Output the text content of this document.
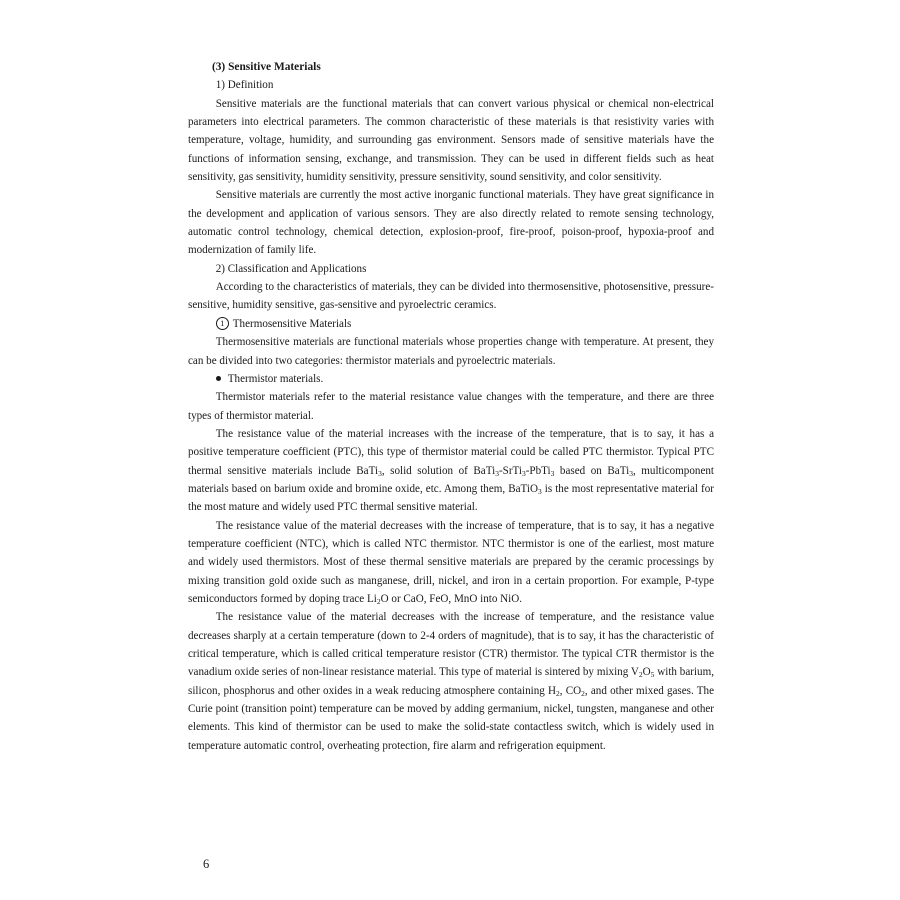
(3) Sensitive Materials
1) Definition

Sensitive materials are the functional materials that can convert various physical or chemical non-electrical parameters into electrical parameters. The common characteristic of these materials is that resistivity varies with temperature, voltage, humidity, and surrounding gas environment. Sensors made of sensitive materials have the functions of information sensing, exchange, and transmission. They can be used in different fields such as heat sensitivity, gas sensitivity, humidity sensitivity, pressure sensitivity, sound sensitivity, and color sensitivity.

Sensitive materials are currently the most active inorganic functional materials. They have great significance in the development and application of various sensors. They are also directly related to remote sensing technology, automatic control technology, chemical detection, explosion-proof, fire-proof, poison-proof, hypoxia-proof and modernization of family life.

2) Classification and Applications

According to the characteristics of materials, they can be divided into thermosensitive, photosensitive, pressure-sensitive, humidity sensitive, gas-sensitive and pyroelectric ceramics.

1 Thermosensitive Materials

Thermosensitive materials are functional materials whose properties change with temperature. At present, they can be divided into two categories: thermistor materials and pyroelectric materials.

Thermistor materials.

Thermistor materials refer to the material resistance value changes with the temperature, and there are three types of thermistor material.

The resistance value of the material increases with the increase of the temperature, that is to say, it has a positive temperature coefficient (PTC), this type of thermistor material could be called PTC thermistor. Typical PTC thermal sensitive materials include BaTi$_3$, solid solution of BaTi$_3$-SrTi$_3$-PbTi$_3$ based on BaTi$_3$, multicomponent materials based on barium oxide and bromine oxide, etc. Among them, BaTiO$_3$ is the most representative material for the most mature and widely used PTC thermal sensitive material.

The resistance value of the material decreases with the increase of temperature, that is to say, it has a negative temperature coefficient (NTC), which is called NTC thermistor. NTC thermistor is one of the earliest, most mature and widely used thermistors. Most of these thermal sensitive materials are prepared by the ceramic processings by mixing transition gold oxide such as manganese, drill, nickel, and iron in a certain proportion. For example, P-type semiconductors formed by doping trace $Li_2O$ or CaO, FeO, MnO into NiO.

The resistance value of the material decreases with the increase of temperature, and the resistance value decreases sharply at a certain temperature (down to 2-4 orders of magnitude), that is to say, it has the characteristic of critical temperature, which is called critical temperature resistor (CTR) thermistor. The typical CTR thermistor is the vanadium oxide series of non-linear resistance material. This type of material is sintered by mixing $V_2O_5$ with barium, silicon, phosphorus and other oxides in a weak reducing atmosphere containing $H_2$, $CO_2$, and other mixed gases. The Curie point (transition point) temperature can be moved by adding germanium, nickel, tungsten, manganese and other elements. This kind of thermistor can be used to make the solid-state contactless switch, which is widely used in temperature automatic control, overheating protection, fire alarm and refrigeration equipment.

6
